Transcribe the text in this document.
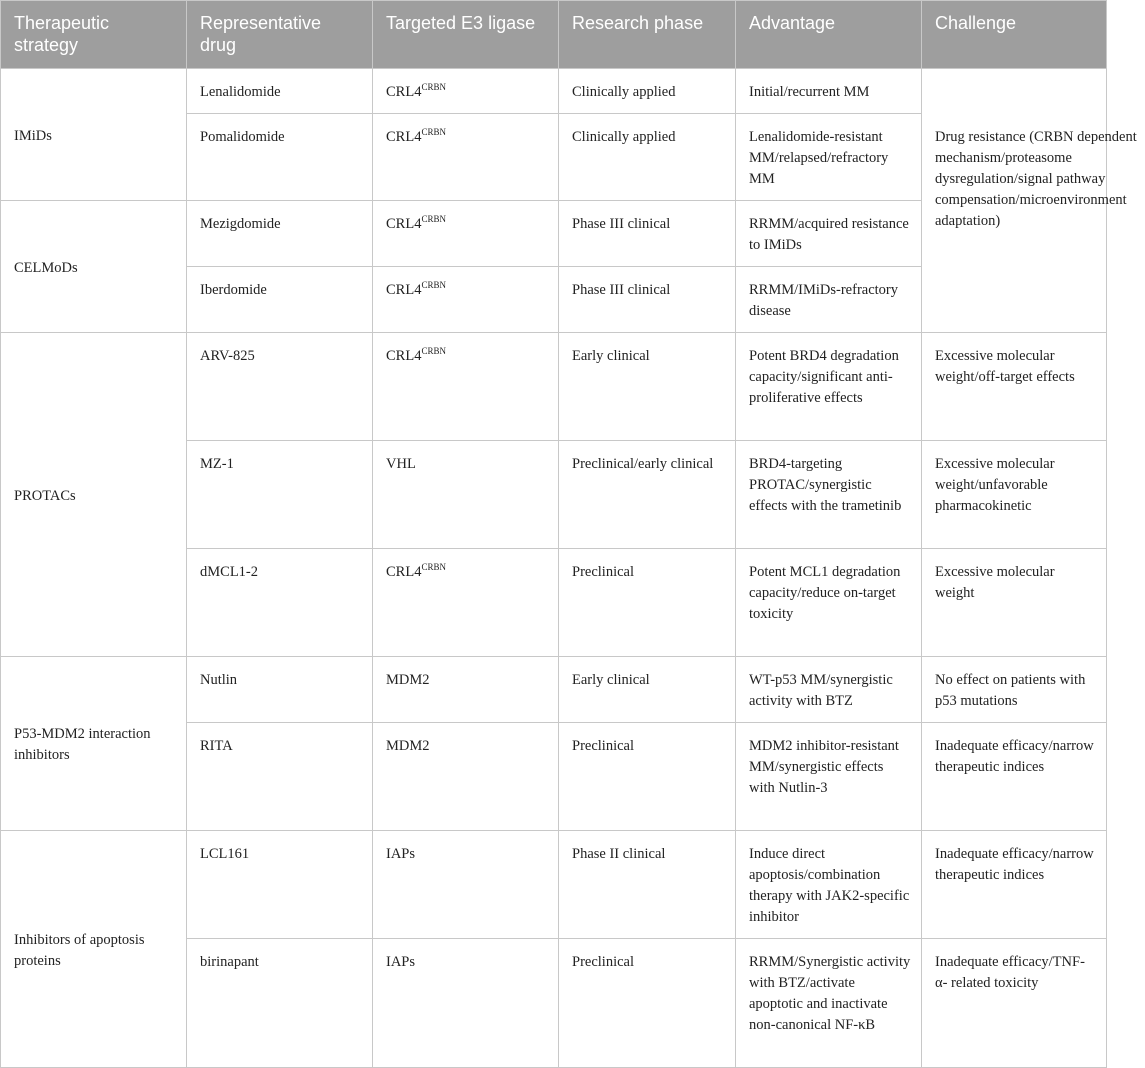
Therapeutic strategy	Representative drug	Targeted E3 ligase	Research phase	Advantage	Challenge
IMiDs	Lenalidomide	$CRL4^{CRBN}$	Clinically applied	Initial/recurrent MM	Drug resistance (CRBN dependent mechanism/proteasome dysregulation/signal pathway compensation/microenvironment adaptation)

	Pomalidomide	$CRL4^{CRBN}$	Clinically applied	Lenalidomide-resistant MM/relapsed/refractory MM	
CELMoDs	Mezigdomide	$CRL4^{CRBN}$	Phase III clinical	RRMM/acquired resistance to IMiDs	
	Iberdomide	$CRL4^{CRBN}$	Phase III clinical	RRMM/IMiDs-refractory disease	
PROTACs	ARV-825	$CRL4^{CRBN}$	Early clinical	Potent BRD4 degradation capacity/significant anti-proliferative effects	Excessive molecular weight/off-target effects
	MZ-1	VHL	Preclinical/early clinical	BRD4-targeting PROTAC/synergistic effects with the trametinib	Excessive molecular weight/unfavorable pharmacokinetic
	dMCL1-2	$CRL4^{CRBN}$	Preclinical	Potent MCL1 degradation capacity/reduce on-target toxicity	Excessive molecular weight
P53-MDM2 interaction inhibitors	Nutlin	MDM2	Early clinical	WT-p53 MM/synergistic activity with BTZ	No effect on patients with p53 mutations
	RITA	MDM2	Preclinical	MDM2 inhibitor-resistant MM/synergistic effects with Nutlin-3	Inadequate efficacy/narrow therapeutic indices
Inhibitors of apoptosis proteins	LCL161	IAPs	Phase II clinical	Induce direct apoptosis/combination therapy with JAK2-specific inhibitor	Inadequate efficacy/narrow therapeutic indices
	birinapant	IAPs	Preclinical	RRMM/Synergistic activity with BTZ/activate apoptotic and inactivate non-canonical NF-κB	Inadequate efficacy/TNF-α- related toxicity
